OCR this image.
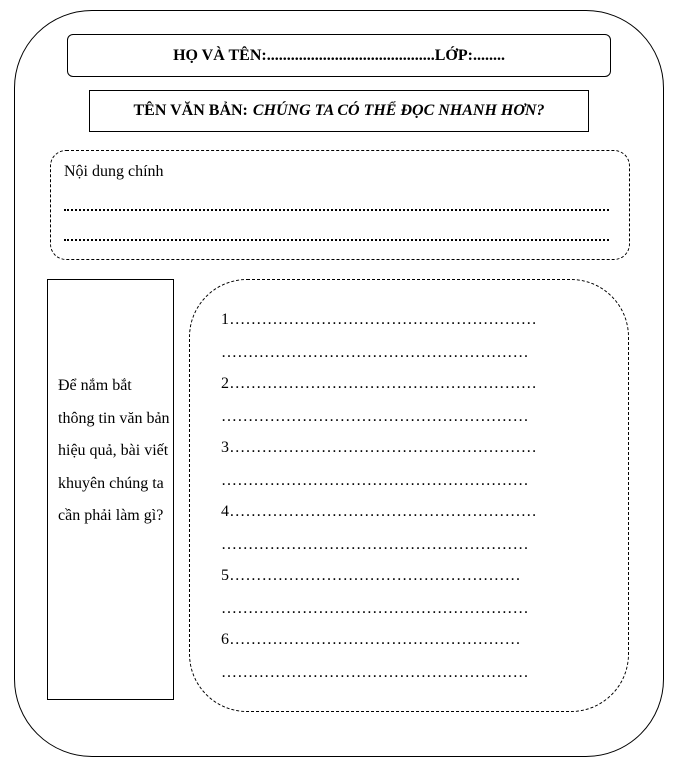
HỌ VÀ TÊN: .......................................... LỚP: ........
TÊN VĂN BẢN: CHÚNG TA CÓ THỂ ĐỌC NHANH HƠN?
Nội dung chính
Để nắm bắt thông tin văn bản hiệu quả, bài viết khuyên chúng ta cần phải làm gì?
1…………………………………………………
…………………………………………………
2…………………………………………………
…………………………………………………
3…………………………………………………
…………………………………………………
4…………………………………………………
…………………………………………………
5………………………………………………
…………………………………………………
6………………………………………………
…………………………………………………
